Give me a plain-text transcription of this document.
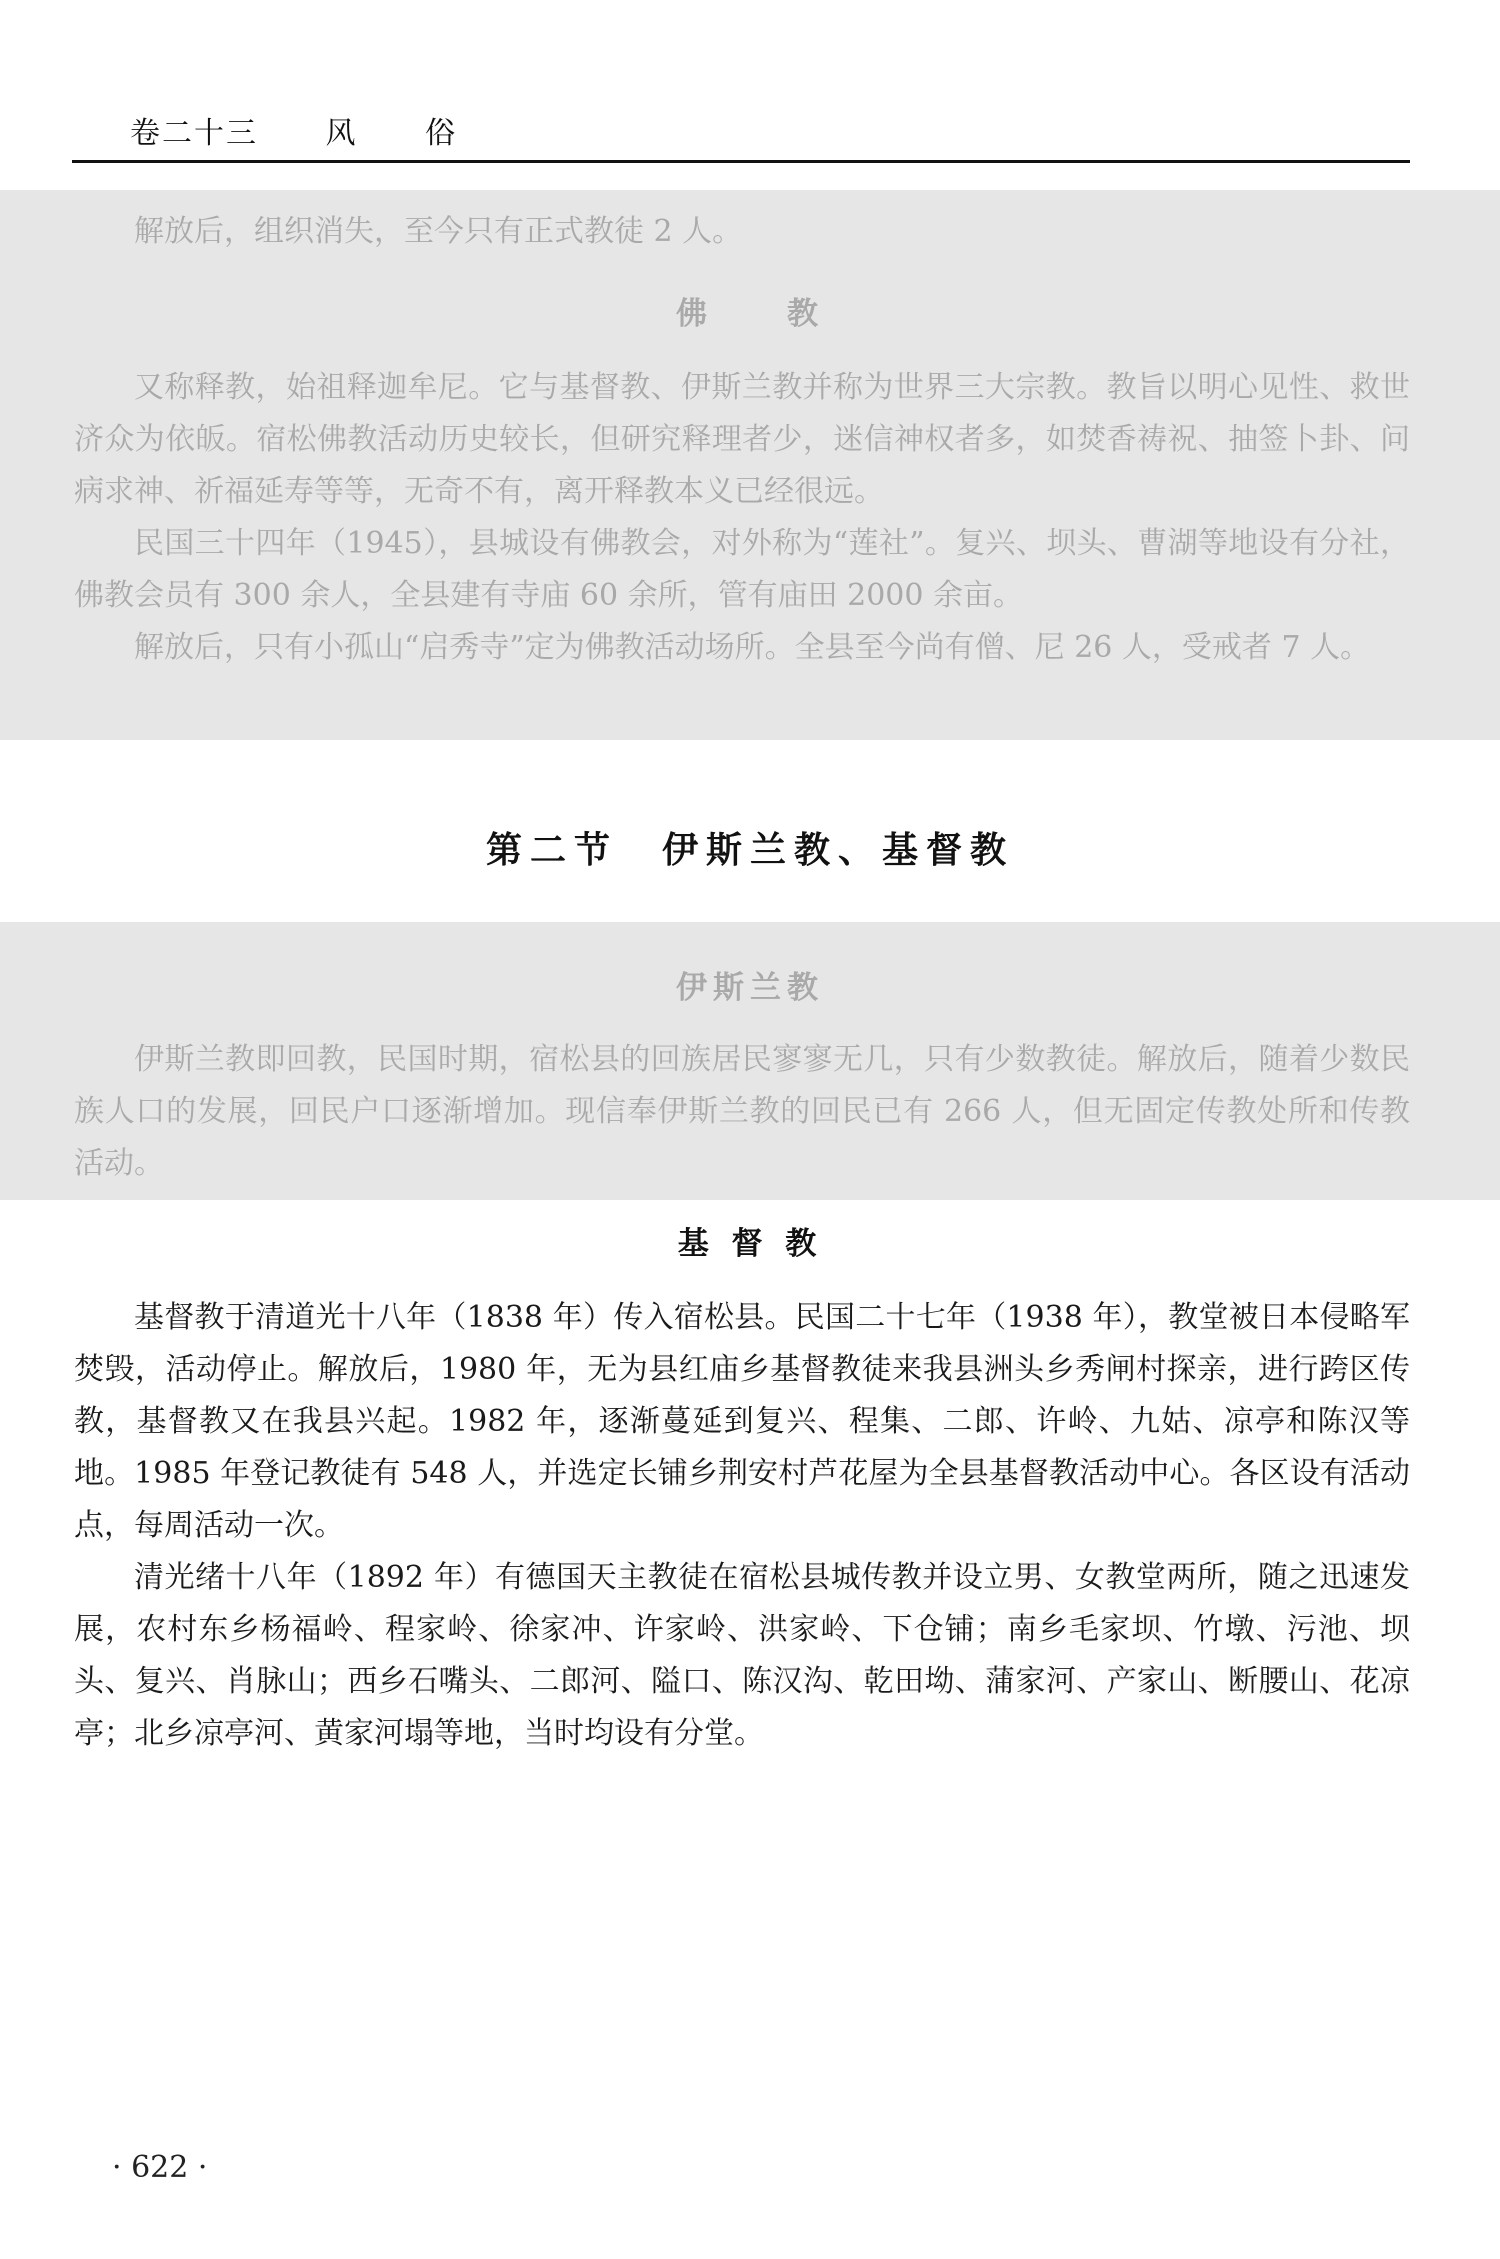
卷二十三 风 俗

解放后，组织消失，至今只有正式教徒 2 人。

佛　　教

又称释教，始祖释迦牟尼。它与基督教、伊斯兰教并称为世界三大宗教。教旨以明心见性、救世济众为依皈。宿松佛教活动历史较长，但研究释理者少，迷信神权者多，如焚香祷祝、抽签卜卦、问病求神、祈福延寿等等，无奇不有，离开释教本义已经很远。

民国三十四年（1945），县城设有佛教会，对外称为“莲社”。复兴、坝头、曹湖等地设有分社，佛教会员有 300 余人，全县建有寺庙 60 余所，管有庙田 2000 余亩。

解放后，只有小孤山“启秀寺”定为佛教活动场所。全县至今尚有僧、尼 26 人，受戒者 7 人。

第二节　伊斯兰教、基督教
伊斯兰教

伊斯兰教即回教，民国时期，宿松县的回族居民寥寥无几，只有少数教徒。解放后，随着少数民族人口的发展，回民户口逐渐增加。现信奉伊斯兰教的回民已有 266 人，但无固定传教处所和传教活动。

基 督 教

基督教于清道光十八年（1838 年）传入宿松县。民国二十七年（1938 年），教堂被日本侵略军焚毁，活动停止。解放后，1980 年，无为县红庙乡基督教徒来我县洲头乡秀闸村探亲，进行跨区传教，基督教又在我县兴起。1982 年，逐渐蔓延到复兴、程集、二郎、许岭、九姑、凉亭和陈汉等地。1985 年登记教徒有 548 人，并选定长铺乡荆安村芦花屋为全县基督教活动中心。各区设有活动点，每周活动一次。

清光绪十八年（1892 年）有德国天主教徒在宿松县城传教并设立男、女教堂两所，随之迅速发展，农村东乡杨福岭、程家岭、徐家冲、许家岭、洪家岭、下仓铺；南乡毛家坝、竹墩、污池、坝头、复兴、肖脉山；西乡石嘴头、二郎河、隘口、陈汉沟、乾田坳、蒲家河、产家山、断腰山、花凉亭；北乡凉亭河、黄家河塌等地，当时均设有分堂。

· 622 ·
